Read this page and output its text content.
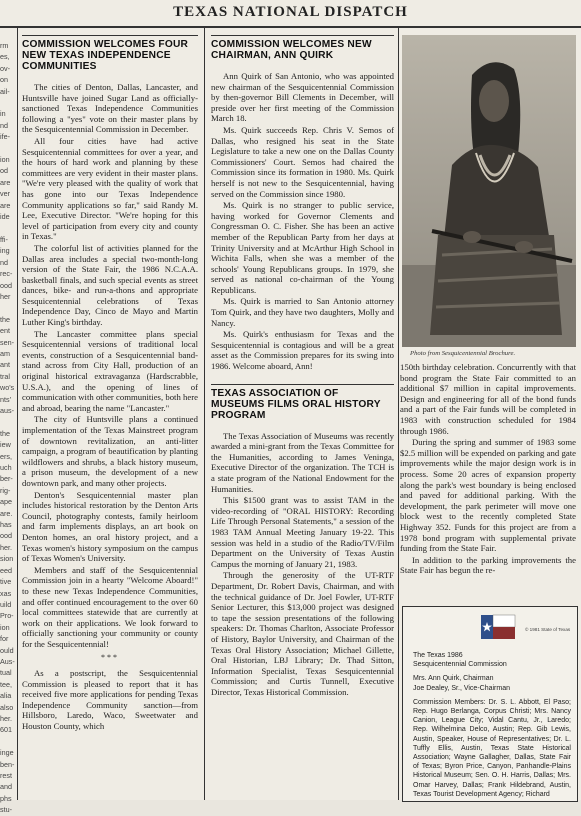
TEXAS NATIONAL DISPATCH
rm
es,
ov-
on
ail-

in
nd
ife-

ion
od
are
ver
are
ide

ffi-
ing
nd
rec-
ood
her

the
ent
sen-
am
ant
tral
wo's
nts'
aus-

the
iew
ers,
uch
ber-
rig-
ape
are.
has
ood
her.
sion
eed
tive
xas
uild
Pro-
ion
for
ould
Aus-
tual
tee,
alia
also
her.
601

inge
ben-
rest
and
phs
stu-
COMMISSION WELCOMES FOUR NEW TEXAS INDEPENDENCE COMMUNITIES

The cities of Denton, Dallas, Lancaster, and Huntsville have joined Sugar Land as officially-sanctioned Texas Independence Communities following a "yes" vote on their master plans by the Sesquicentennial Commission in December.

All four cities have had active Sesquicentennial committees for over a year, and the hours of hard work and planning by these committees are very evident in their master plans. "We're very pleased with the quality of work that has gone into our Texas Independence Community applications so far," said Randy M. Lee, Executive Director. "We're hoping for this level of participation from every city and county in Texas."

The colorful list of activities planned for the Dallas area includes a special two-month-long version of the State Fair, the 1986 N.C.A.A. basketball finals, and such special events as street dances, bike- and run-a-thons and appropriate Sesquicentennial celebrations of Texas Independence Day, Cinco de Mayo and Martin Luther King's birthday.

The Lancaster committee plans special Sesquicentennial versions of traditional local events, construction of a Sesquicentennial band-stand across from City Hall, production of an original historical extravaganza (Hardscrabble, U.S.A.), and the opening of lines of communication with other communities, both here and abroad, bearing the name "Lancaster."

The city of Huntsville plans a continued implementation of the Texas Mainstreet program of downtown revitalization, an anti-litter campaign, a program of beautification by planting wildflowers and shrubs, a black history museum, a prison museum, the development of a new downtown park, and many other projects.

Denton's Sesquicentennial master plan includes historical restoration by the Denton Arts Council, photography contests, family heirloom and farm implements displays, an art book on Denton homes, an oral history project, and a Texas women's history symposium on the campus of Texas Women's University.

Members and staff of the Sesquicentennial Commission join in a hearty "Welcome Aboard!" to these new Texas Independence Communities, and offer continued encouragement to the over 60 local committees statewide that are currently at work on their applications. We look forward to officially sanctioning your community or county for the Sesquicentennial!

***

As a postscript, the Sesquicentennial Commission is pleased to report that it has received five more applications for pending Texas Independence Community sanction—from Hillsboro, Laredo, Waco, Sweetwater and Houston County, which

COMMISSION WELCOMES NEW CHAIRMAN, ANN QUIRK

Ann Quirk of San Antonio, who was appointed new chairman of the Sesquicentennial Commission by then-governor Bill Clements in December, will preside over her first meeting of the Commission March 18.

Ms. Quirk succeeds Rep. Chris V. Semos of Dallas, who resigned his seat in the State Legislature to take a new one on the Dallas County Commissioners' Court. Semos had chaired the Commission since its formation in 1980. Ms. Quirk herself is not new to the Sesquicentennial, having served on the Commission since 1980.

Ms. Quirk is no stranger to public service, having worked for Governor Clements and Congressman O. C. Fisher. She has been an active member of the Republican Party from her days at Trinity University and at McArthur High School in Wichita Falls, when she was a member of the schools' Young Republicans groups. In 1979, she served as national co-chairman of the Young Republicans.

Ms. Quirk is married to San Antonio attorney Tom Quirk, and they have two daughters, Molly and Nancy.

Ms. Quirk's enthusiasm for Texas and the Sesquicentennial is contagious and will be a great asset as the Commission prepares for its swing into 1986. Welcome aboard, Ann!

TEXAS ASSOCIATION OF MUSEUMS FILMS ORAL HISTORY PROGRAM

The Texas Association of Museums was recently awarded a mini-grant from the Texas Committee for the Humanities, according to James Veninga, Executive Director of the organization. The TCH is a state program of the National Endowment for the Humanities.

This $1500 grant was to assist TAM in the video-recording of "ORAL HISTORY: Recording Life Through Personal Statements," a session of the 1983 TAM Annual Meeting January 19-22. This session was held in a studio of the Radio/TV/Film Department on the University of Texas Austin Campus the morning of January 21, 1983.

Through the generosity of the UT-RTF Department, Dr. Robert Davis, Chairman, and with the technical guidance of Dr. Joel Fowler, UT-RTF Senior Lecturer, this $13,000 project was designed to tape the session presentations of the following speakers: Dr. Thomas Charlton, Associate Professor of History, Baylor University, and Chairman of the Texas Oral History Association; Michael Gillette, Oral Historian, LBJ Library; Dr. Thad Sitton, Information Specialist, Texas Sesquicentennial Commission; and Curtis Tunnell, Executive Director, Texas Historical Commission.

Photo from Sesquicentennial Brochure.

150th birthday celebration. Concurrently with that bond program the State Fair committed to an additional $7 million in capital improvements. Design and engineering for all of the bond funds and a part of the Fair funds will be completed in 1983 with construction scheduled for 1984 through 1986.

During the spring and summer of 1983 some $2.5 million will be expended on parking and gate improvements while the major design work is in process. Some 20 acres of expansion property along the park's west boundary is being enclosed and paved for additional parking. With the development, the park perimeter will move one block west to the recently completed State Highway 352. Funds for this project are from a 1978 bond program with supplemental private funding from the State Fair.

In addition to the parking improvements the State Fair has begun the re-

© 1981 State of Texas
The Texas 1986
Sesquicentennial Commission
Mrs. Ann Quirk, Chairman
Joe Dealey, Sr., Vice-Chairman
Commission Members: Dr. S. L. Abbott, El Paso; Rep. Hugo Berlanga, Corpus Christi; Mrs. Nancy Canion, League City; Vidal Cantu, Jr., Laredo; Rep. Wilhelmina Delco, Austin; Rep. Gib Lewis, Austin, Speaker, House of Representatives; Dr. L. Tuffly Ellis, Austin, Texas State Historical Association; Wayne Gallagher, Dallas, State Fair of Texas; Byron Price, Canyon, Panhandle-Plains Historical Museum; Sen. O. H. Harris, Dallas; Mrs. Omar Harvey, Dallas; Frank Hildebrand, Austin, Texas Tourist Development Agency; Richard
